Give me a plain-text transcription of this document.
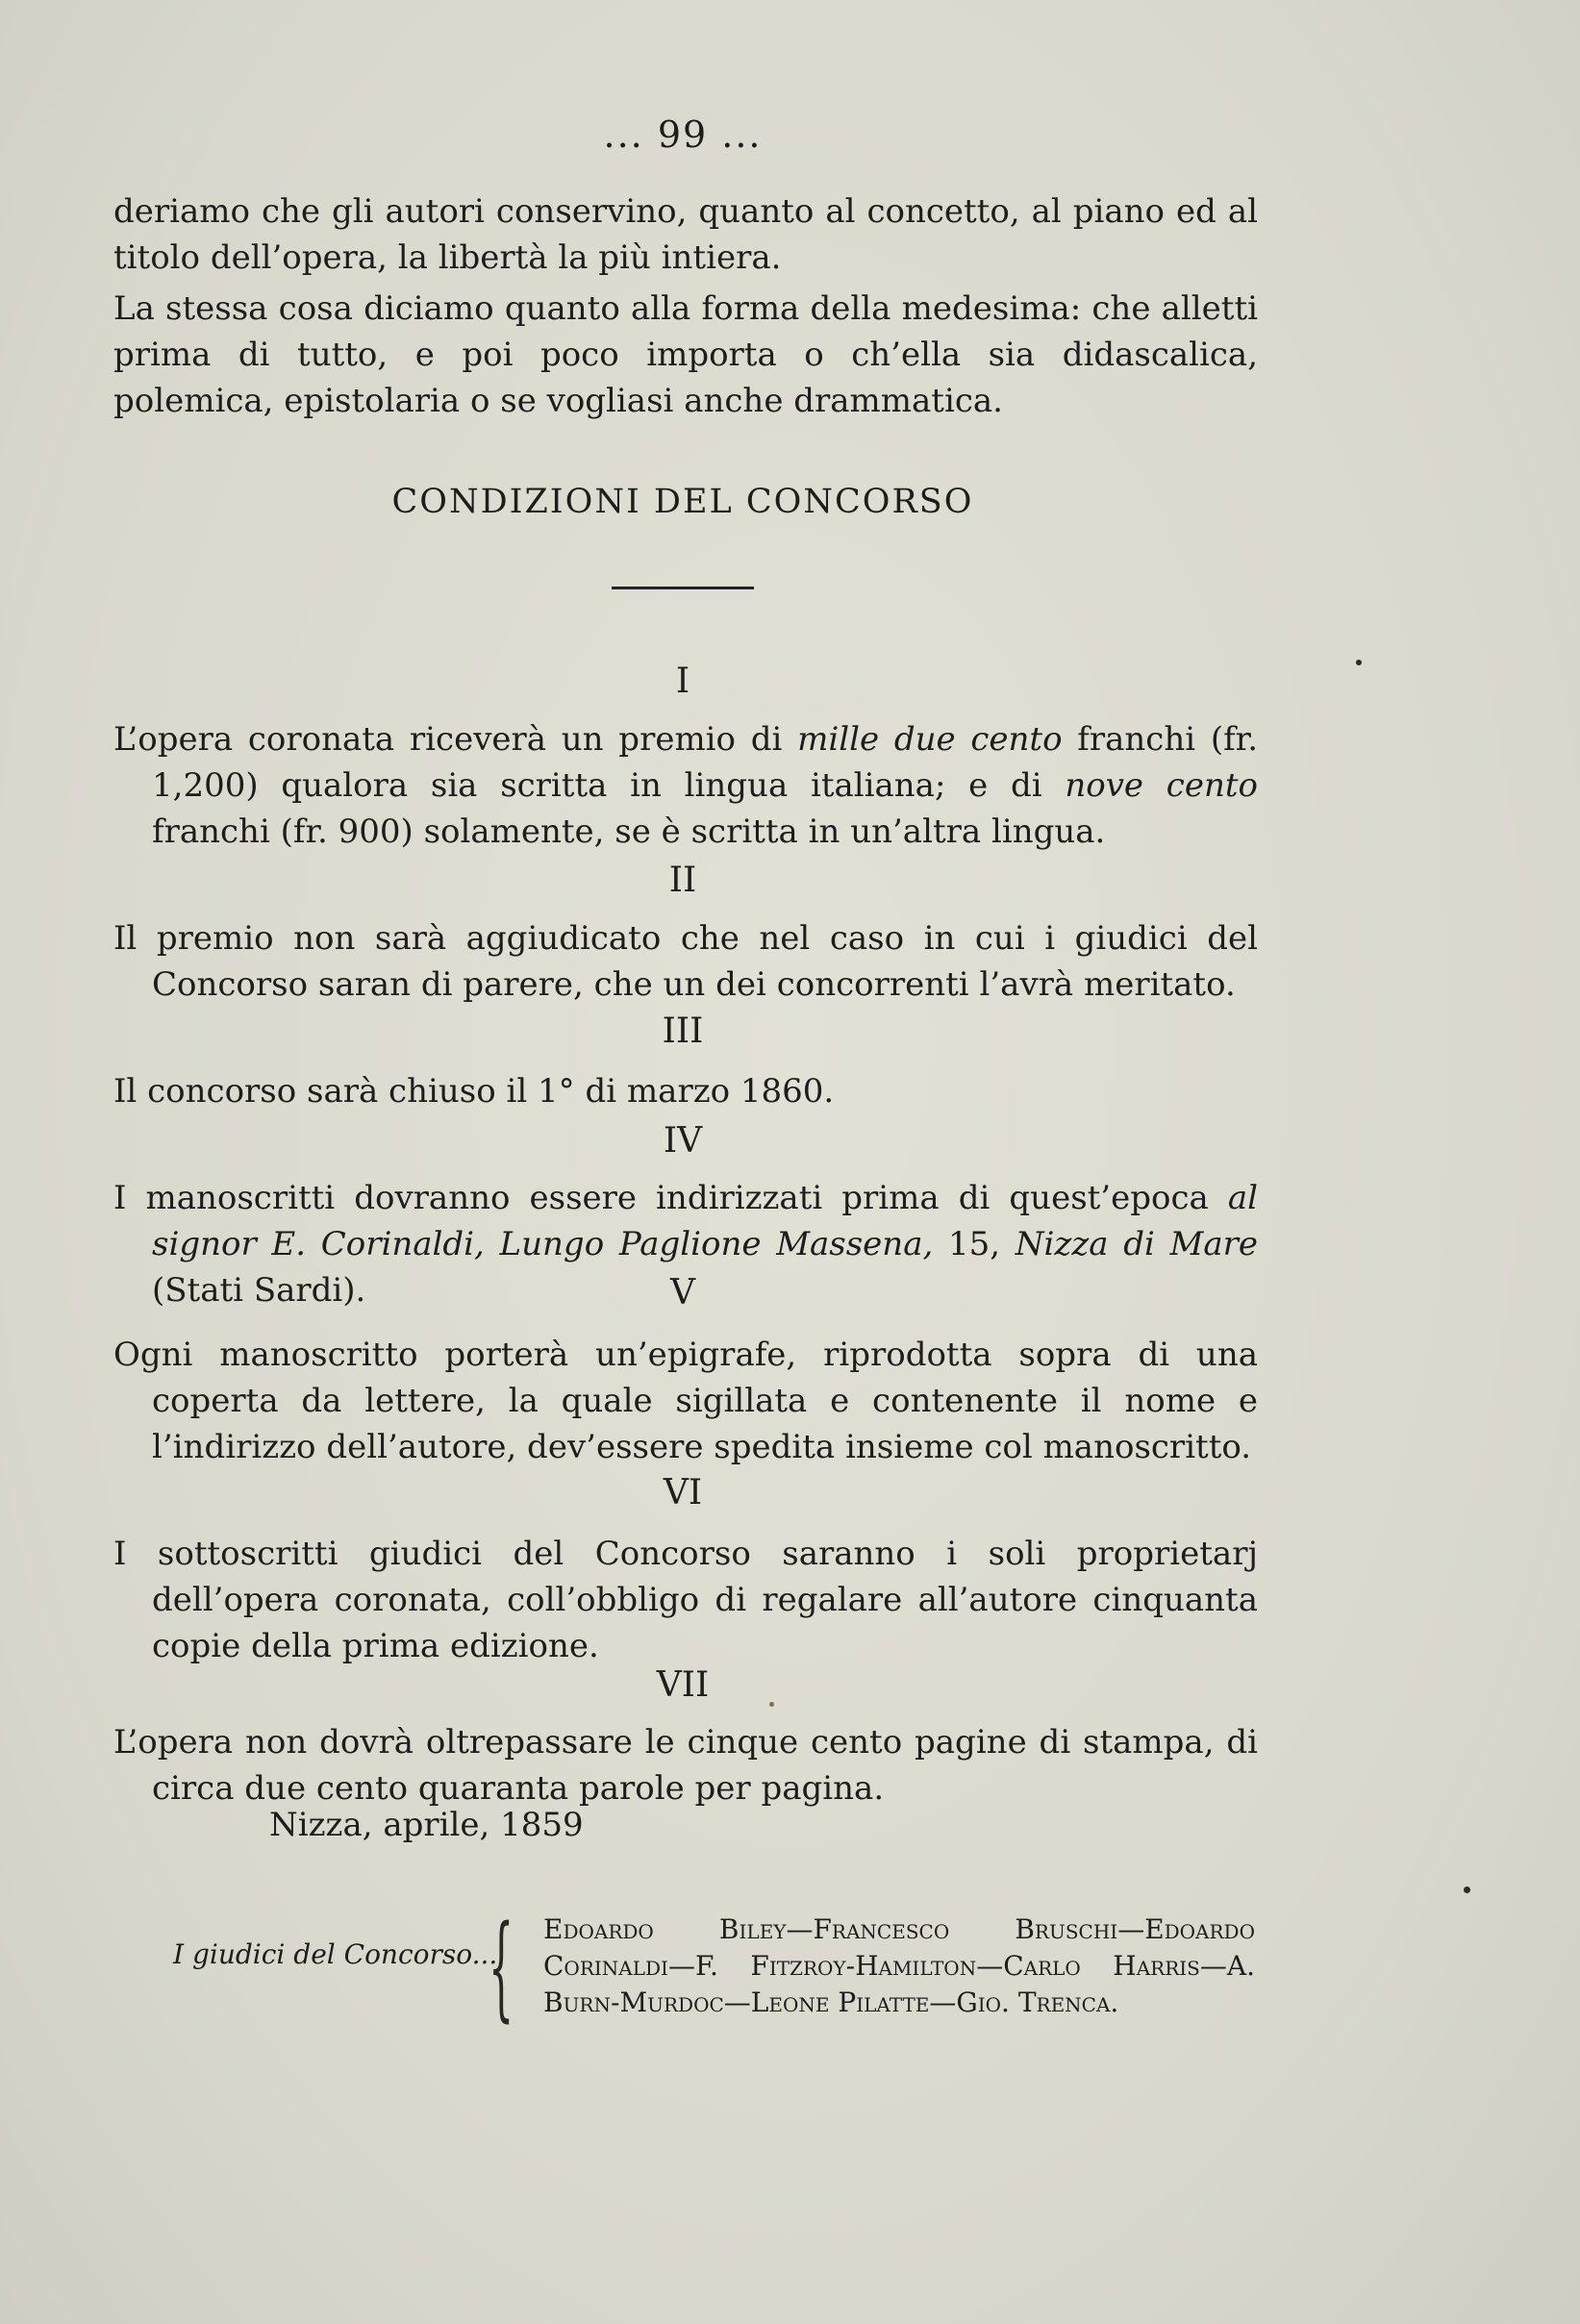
... 99 ...
deriamo che gli autori conservino, quanto al concetto, al piano ed al titolo dell’opera, la libertà la più intiera.
La stessa cosa diciamo quanto alla forma della medesima: che alletti prima di tutto, e poi poco importa o ch’ella sia didascalica, polemica, epistolaria o se vogliasi anche drammatica.
CONDIZIONI DEL CONCORSO
I
L’opera coronata riceverà un premio di mille due cento franchi (fr. 1,200) qualora sia scritta in lingua italiana; e di nove cento franchi (fr. 900) solamente, se è scritta in un’altra lingua.
II
Il premio non sarà aggiudicato che nel caso in cui i giudici del Concorso saran di parere, che un dei concorrenti l’avrà meritato.
III
Il concorso sarà chiuso il 1° di marzo 1860.
IV
I manoscritti dovranno essere indirizzati prima di quest’epoca al signor E. Corinaldi, Lungo Paglione Massena, 15, Nizza di Mare (Stati Sardi).	V
Ogni manoscritto porterà un’epigrafe, riprodotta sopra di una coperta da lettere, la quale sigillata e contenente il nome e l’indirizzo dell’autore, dev’essere spedita insieme col manoscritto.
VI
I sottoscritti giudici del Concorso saranno i soli proprietarj dell’opera coronata, coll’obbligo di regalare all’autore cinquanta copie della prima edizione.
VII
L’opera non dovrà oltrepassare le cinque cento pagine di stampa, di circa due cento quaranta parole per pagina.
Nizza, aprile, 1859
I giudici del Concorso...
{ Edoardo Biley—Francesco Bruschi—Edoardo Corinaldi—F. Fitzroy-Hamilton—Carlo Harris—A. Burn-Murdoc—Leone Pilatte—Gio. Trenca.
